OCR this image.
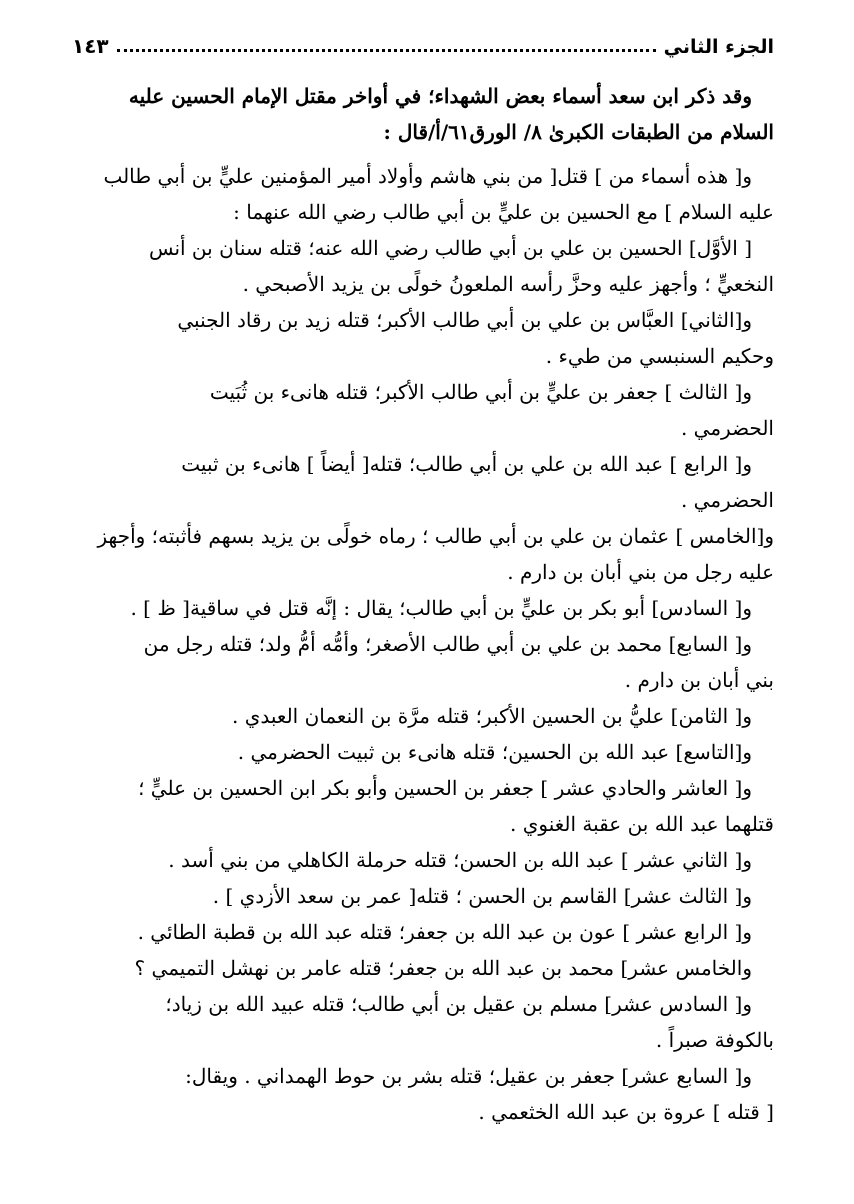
الجزء الثاني
١٤٣
وقد ذكر ابن سعد أسماء بعض الشهداء؛ في أواخر مقتل الإمام الحسين عليه
السلام من الطبقات الكبرىٰ ٨/ الورق٦١/أ/قال :
و[ هذه أسماء من ] قتل[ من بني هاشم وأولاد أمير المؤمنين عليٍّ بن أبي طالب
عليه السلام ] مع الحسين بن عليٍّ بن أبي طالب رضي الله عنهما :
[ الأوَّل] الحسين بن علي بن أبي طالب رضي الله عنه؛ قتله سنان بن أنس
النخعيٍّ ؛ وأجهز عليه وحزَّ رأسه الملعونُ خولًى بن يزيد الأصبحي .
و[الثاني] العبَّاس بن علي بن أبي طالب الأكبر؛ قتله زيد بن رقاد الجنبي
وحكيم السنبسي من طيء .
و[ الثالث ] جعفر بن عليٍّ بن أبي طالب الأكبر؛ قتله هانىء بن ثُبَيت
الحضرمي .
و[ الرابع ] عبد الله بن علي بن أبي طالب؛ قتله[ أيضاً ] هانىء بن ثبيت
الحضرمي .
و[الخامس ] عثمان بن علي بن أبي طالب ؛ رماه خولًى بن يزيد بسهم فأثبته؛ وأجهز
عليه رجل من بني أبان بن دارم .
و[ السادس] أبو بكر بن عليٍّ بن أبي طالب؛ يقال : إنَّه قتل في ساقية[ ظ ] .
و[ السابع] محمد بن علي بن أبي طالب الأصغر؛ وأمُّه أمُّ ولد؛ قتله رجل من
بني أبان بن دارم .
و[ الثامن] عليُّ بن الحسين الأكبر؛ قتله مرَّة بن النعمان العبدي .
و[التاسع] عبد الله بن الحسين؛ قتله هانىء بن ثبيت الحضرمي .
و[ العاشر والحادي عشر ] جعفر بن الحسين وأبو بكر ابن الحسين بن عليٍّ ؛
قتلهما عبد الله بن عقبة الغنوي .
و[ الثاني عشر ] عبد الله بن الحسن؛ قتله حرملة الكاهلي من بني أسد .
و[ الثالث عشر] القاسم بن الحسن ؛ قتله[ عمر بن سعد الأزدي ] .
و[ الرابع عشر ] عون بن عبد الله بن جعفر؛ قتله عبد الله بن قطبة الطائي .
والخامس عشر] محمد بن عبد الله بن جعفر؛ قتله عامر بن نهشل التميمي ؟
و[ السادس عشر] مسلم بن عقيل بن أبي طالب؛ قتله عبيد الله بن زياد؛
بالكوفة صبراً .
و[ السابع عشر] جعفر بن عقيل؛ قتله بشر بن حوط الهمداني . ويقال:
[ قتله ] عروة بن عبد الله الخثعمي .
